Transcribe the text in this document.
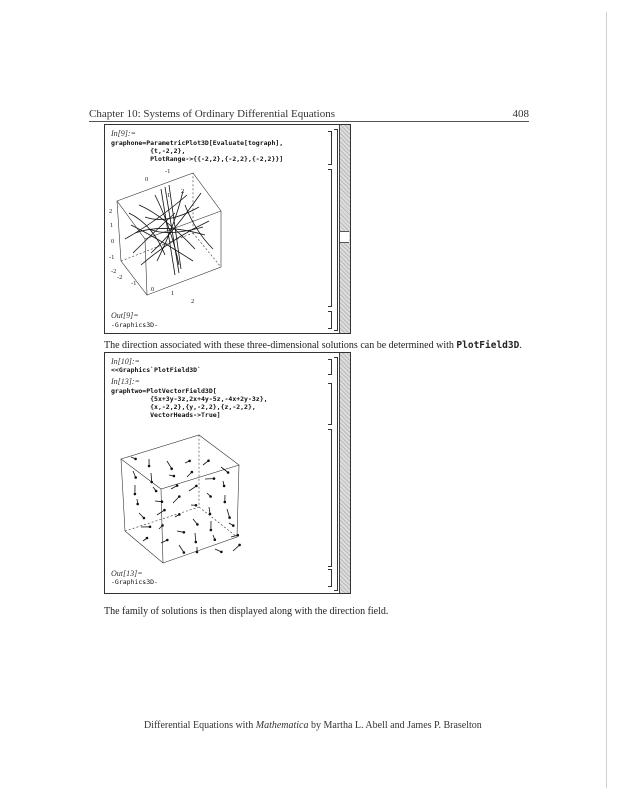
Chapter 10: Systems of Ordinary Differential Equations	408
In[9]:=
graphone=ParametricPlot3D[Evaluate[tograph],
{t,-2,2},
PlotRange->{{-2,2},{-2,2},{-2,2}}]
-1
0
1
2
2
1
0
-1
-2
-2
-1
0
1
2
Out[9]=
-Graphics3D-
The direction associated with these three-dimensional solutions can be determined with PlotField3D.
In[10]:=
<<Graphics`PlotField3D`
In[13]:=
graphtwo=PlotVectorField3D[
{5x+3y-3z,2x+4y-5z,-4x+2y-3z},
{x,-2,2},{y,-2,2},{z,-2,2},
VectorHeads->True]
Out[13]=
-Graphics3D-
The family of solutions is then displayed along with the direction field.
Differential Equations with Mathematica by Martha L. Abell and James P. Braselton
